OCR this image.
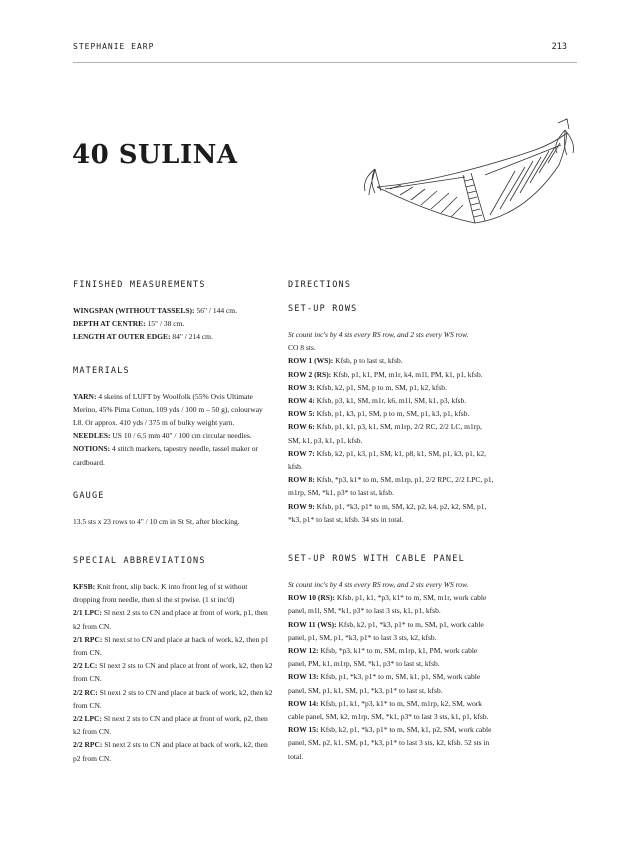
STEPHANIE EARP	213
40 SULINA

FINISHED MEASUREMENTS

WINGSPAN (WITHOUT TASSELS): 56" / 144 cm.

DEPTH AT CENTRE: 15" / 38 cm.

LENGTH AT OUTER EDGE: 84" / 214 cm.

MATERIALS

YARN: 4 skeins of LUFT by Woolfolk (55% Ovis Ultimate Merino, 45% Pima Cotton, 109 yds / 100 m – 50 g), colourway L8. Or approx. 410 yds / 375 m of bulky weight yarn.

NEEDLES: US 10 / 6.5 mm 40" / 100 cm circular needles.

NOTIONS: 4 stitch markers, tapestry needle, tassel maker or cardboard.

GAUGE

13.5 sts x 23 rows to 4" / 10 cm in St St, after blocking.

SPECIAL ABBREVIATIONS

KFSB: Knit front, slip back. K into front leg of st without dropping from needle, then sl the st pwise. (1 st inc'd)

2/1 LPC: Sl next 2 sts to CN and place at front of work, p1, then k2 from CN.

2/1 RPC: Sl next st to CN and place at back of work, k2, then p1 from CN.

2/2 LC: Sl next 2 sts to CN and place at front of work, k2, then k2 from CN.

2/2 RC: Sl next 2 sts to CN and place at back of work, k2, then k2 from CN.

2/2 LPC: Sl next 2 sts to CN and place at front of work, p2, then k2 from CN.

2/2 RPC: Sl next 2 sts to CN and place at back of work, k2, then p2 from CN.

DIRECTIONS

SET-UP ROWS

St count inc's by 4 sts every RS row, and 2 sts every WS row.

CO 8 sts.

ROW 1 (WS): Kfsb, p to last st, kfsb.

ROW 2 (RS): Kfsb, p1, k1, PM, m1r, k4, m1l, PM, k1, p1, kfsb.

ROW 3: Kfsb, k2, p1, SM, p to m, SM, p1, k2, kfsb.

ROW 4: Kfsb, p3, k1, SM, m1r, k6, m1l, SM, k1, p3, kfsb.

ROW 5: Kfsb, p1, k3, p1, SM, p to m, SM, p1, k3, p1, kfsb.

ROW 6: Kfsb, p1, k1, p3, k1, SM, m1rp, 2/2 RC, 2/2 LC, m1rp, SM, k1, p3, k1, p1, kfsb.

ROW 7: Kfsb, k2, p1, k3, p1, SM, k1, p8, k1, SM, p1, k3, p1, k2, kfsb.

ROW 8: Kfsb, *p3, k1* to m, SM, m1rp, p1, 2/2 RPC, 2/2 LPC, p1, m1rp, SM, *k1, p3* to last st, kfsb.

ROW 9: Kfsb, p1, *k3, p1* to m, SM, k2, p2, k4, p2, k2, SM, p1, *k3, p1* to last st, kfsb. 34 sts in total.

SET-UP ROWS WITH CABLE PANEL

St count inc's by 4 sts every RS row, and 2 sts every WS row.

ROW 10 (RS): Kfsb, p1, k1, *p3, k1* to m, SM, m1r, work cable panel, m1l, SM, *k1, p3* to last 3 sts, k1, p1, kfsb.

ROW 11 (WS): Kfsb, k2, p1, *k3, p1* to m, SM, p1, work cable panel, p1, SM, p1, *k3, p1* to last 3 sts, k2, kfsb.

ROW 12: Kfsb, *p3, k1* to m, SM, m1rp, k1, PM, work cable panel, PM, k1, m1rp, SM, *k1, p3* to last st, kfsb.

ROW 13: Kfsb, p1, *k3, p1* to m, SM, k1, p1, SM, work cable panel, SM, p1, k1, SM, p1, *k3, p1* to last st, kfsb.

ROW 14: Kfsb, p1, k1, *p3, k1* to m, SM, m1rp, k2, SM, work cable panel, SM, k2, m1rp, SM, *k1, p3* to last 3 sts, k1, p1, kfsb.

ROW 15: Kfsb, k2, p1, *k3, p1* to m, SM, k1, p2, SM, work cable panel, SM, p2, k1, SM, p1, *k3, p1* to last 3 sts, k2, kfsb. 52 sts in total.
